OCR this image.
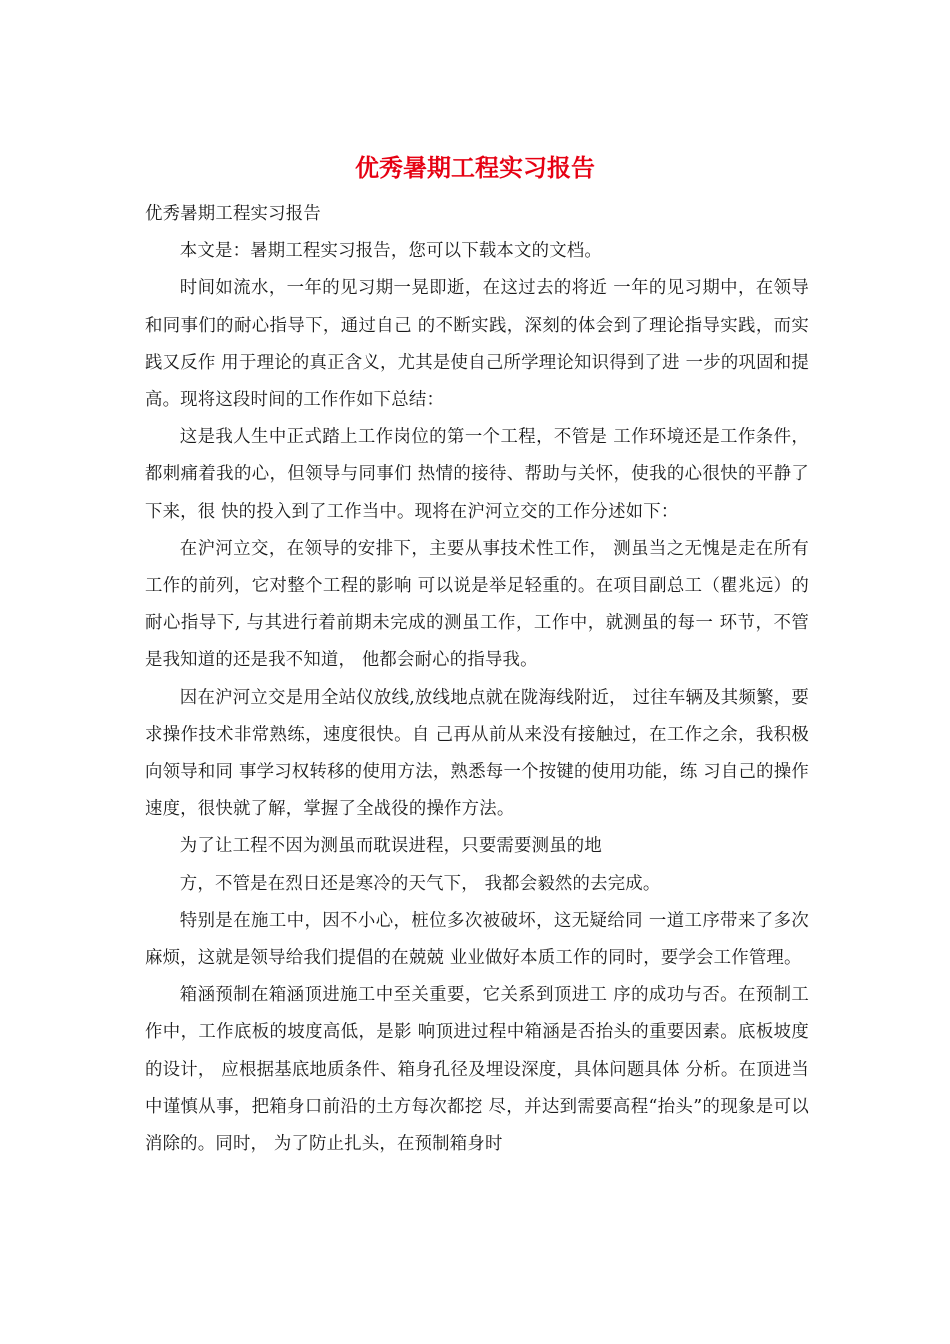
优秀暑期工程实习报告

优秀暑期工程实习报告

本文是：暑期工程实习报告，您可以下载本文的文档。

时间如流水，一年的见习期一晃即逝，在这过去的将近 一年的见习期中，在领导和同事们的耐心指导下，通过自己 的不断实践，深刻的体会到了理论指导实践，而实践又反作 用于理论的真正含义，尤其是使自己所学理论知识得到了进 一步的巩固和提高。现将这段时间的工作作如下总结：

这是我人生中正式踏上工作岗位的第一个工程，不管是 工作环境还是工作条件，都刺痛着我的心，但领导与同事们 热情的接待、帮助与关怀，使我的心很快的平静了下来，很 快的投入到了工作当中。现将在沪河立交的工作分述如下：

在沪河立交，在领导的安排下，主要从事技术性工作， 测虽当之无愧是走在所有工作的前列，它对整个工程的影响 可以说是举足轻重的。在项目副总工（瞿兆远）的耐心指导下, 与其进行着前期未完成的测虽工作，工作中，就测虽的每一 环节，不管是我知道的还是我不知道， 他都会耐心的指导我。

因在沪河立交是用全站仪放线,放线地点就在陇海线附近， 过往车辆及其频繁，要求操作技术非常熟练，速度很快。自 己再从前从来没有接触过，在工作之余，我积极向领导和同 事学习权转移的使用方法，熟悉每一个按键的使用功能，练 习自己的操作速度，很快就了解，掌握了全战役的操作方法。

为了让工程不因为测虽而耽误进程，只要需要测虽的地

方，不管是在烈日还是寒冷的天气下， 我都会毅然的去完成。

特别是在施工中，因不小心，桩位多次被破坏，这无疑给同 一道工序带来了多次麻烦，这就是领导给我们提倡的在兢兢 业业做好本质工作的同时，要学会工作管理。

箱涵预制在箱涵顶进施工中至关重要，它关系到顶进工 序的成功与否。在预制工作中，工作底板的坡度高低，是影 响顶进过程中箱涵是否抬头的重要因素。底板坡度的设计， 应根据基底地质条件、箱身孔径及埋设深度，具体问题具体 分析。在顶进当中谨慎从事，把箱身口前沿的土方每次都挖 尽，并达到需要高程“抬头”的现象是可以消除的。同时， 为了防止扎头，在预制箱身时
